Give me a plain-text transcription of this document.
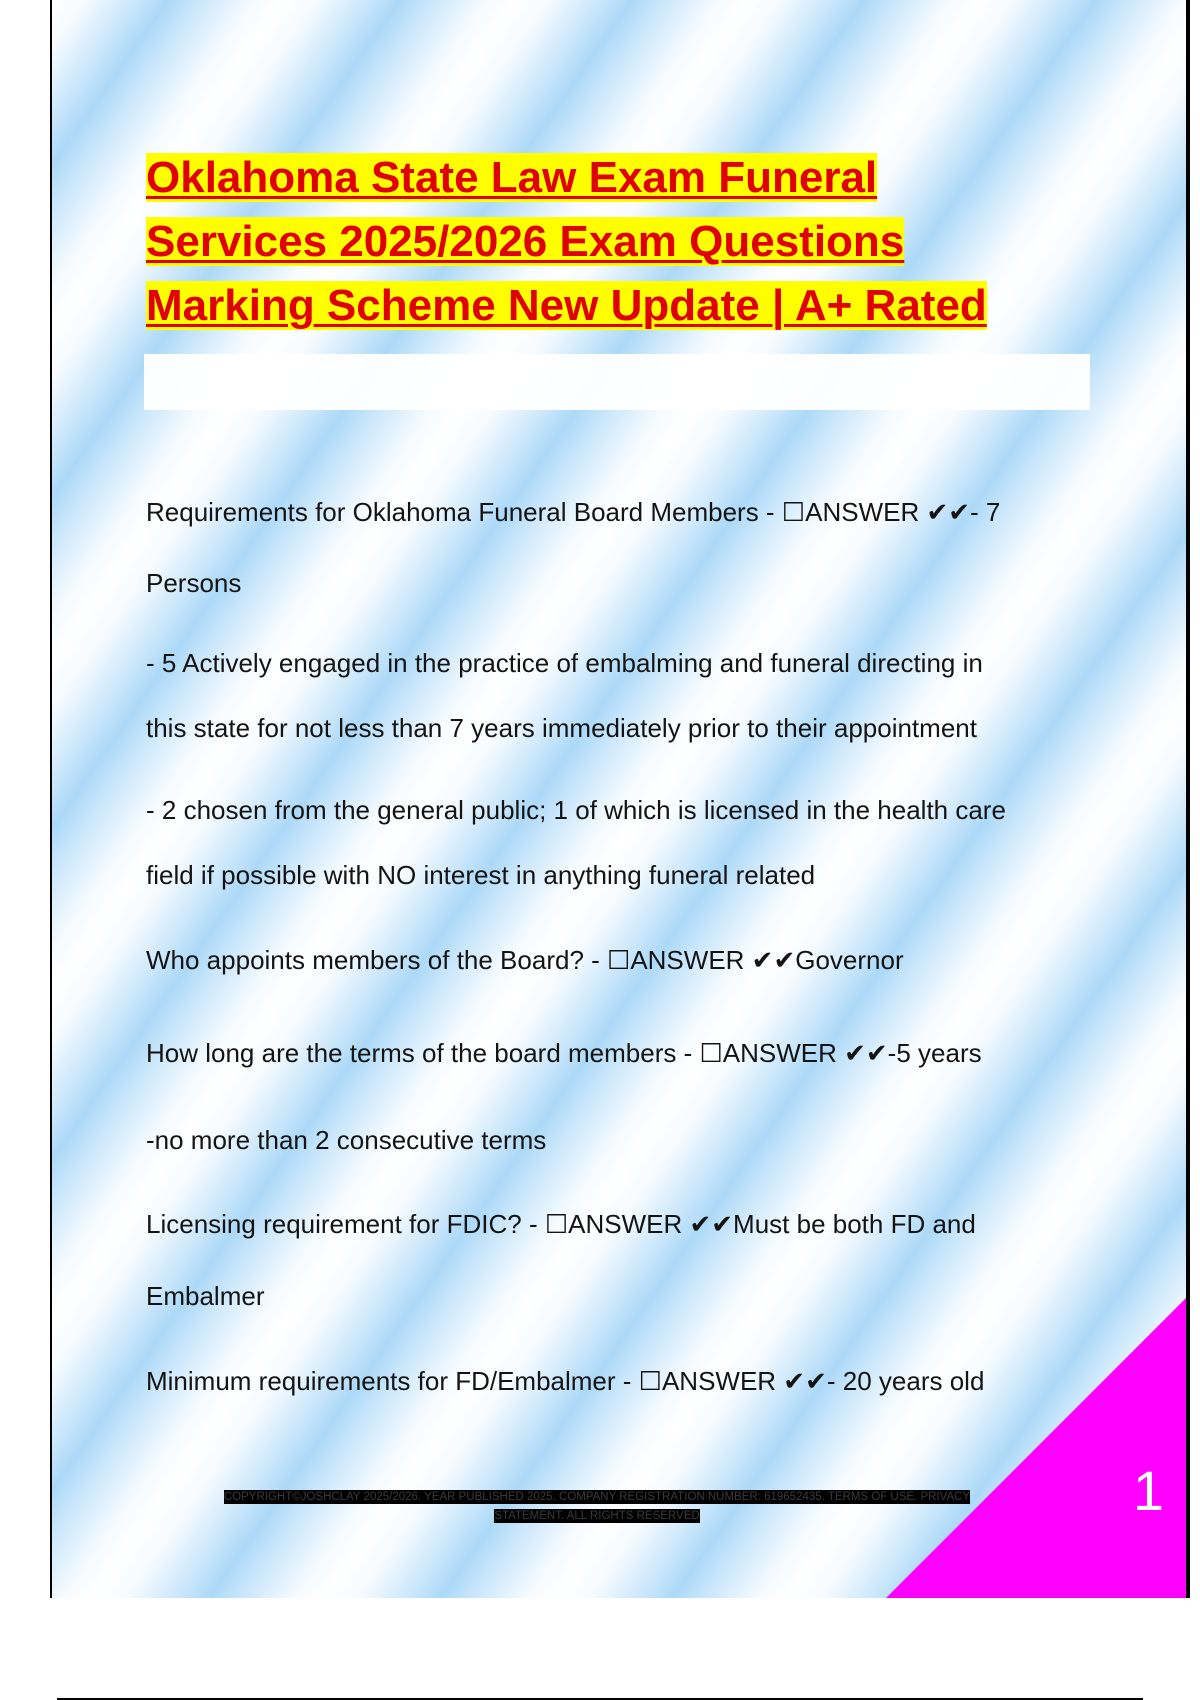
Oklahoma State Law Exam Funeral
Services 2025/2026 Exam Questions
Marking Scheme New Update | A+ Rated

Requirements for Oklahoma Funeral Board Members - ☐ANSWER ✔✔- 7

Persons

- 5 Actively engaged in the practice of embalming and funeral directing in

this state for not less than 7 years immediately prior to their appointment

- 2 chosen from the general public; 1 of which is licensed in the health care

field if possible with NO interest in anything funeral related

Who appoints members of the Board? - ☐ANSWER ✔✔Governor

How long are the terms of the board members - ☐ANSWER ✔✔-5 years

-no more than 2 consecutive terms

Licensing requirement for FDIC? - ☐ANSWER ✔✔Must be both FD and

Embalmer

Minimum requirements for FD/Embalmer - ☐ANSWER ✔✔- 20 years old

1
COPYRIGHT©JOSHCLAY 2025/2026. YEAR PUBLISHED 2025. COMPANY REGISTRATION NUMBER: 619652435. TERMS OF USE. PRIVACY
STATEMENT. ALL RIGHTS RESERVED
